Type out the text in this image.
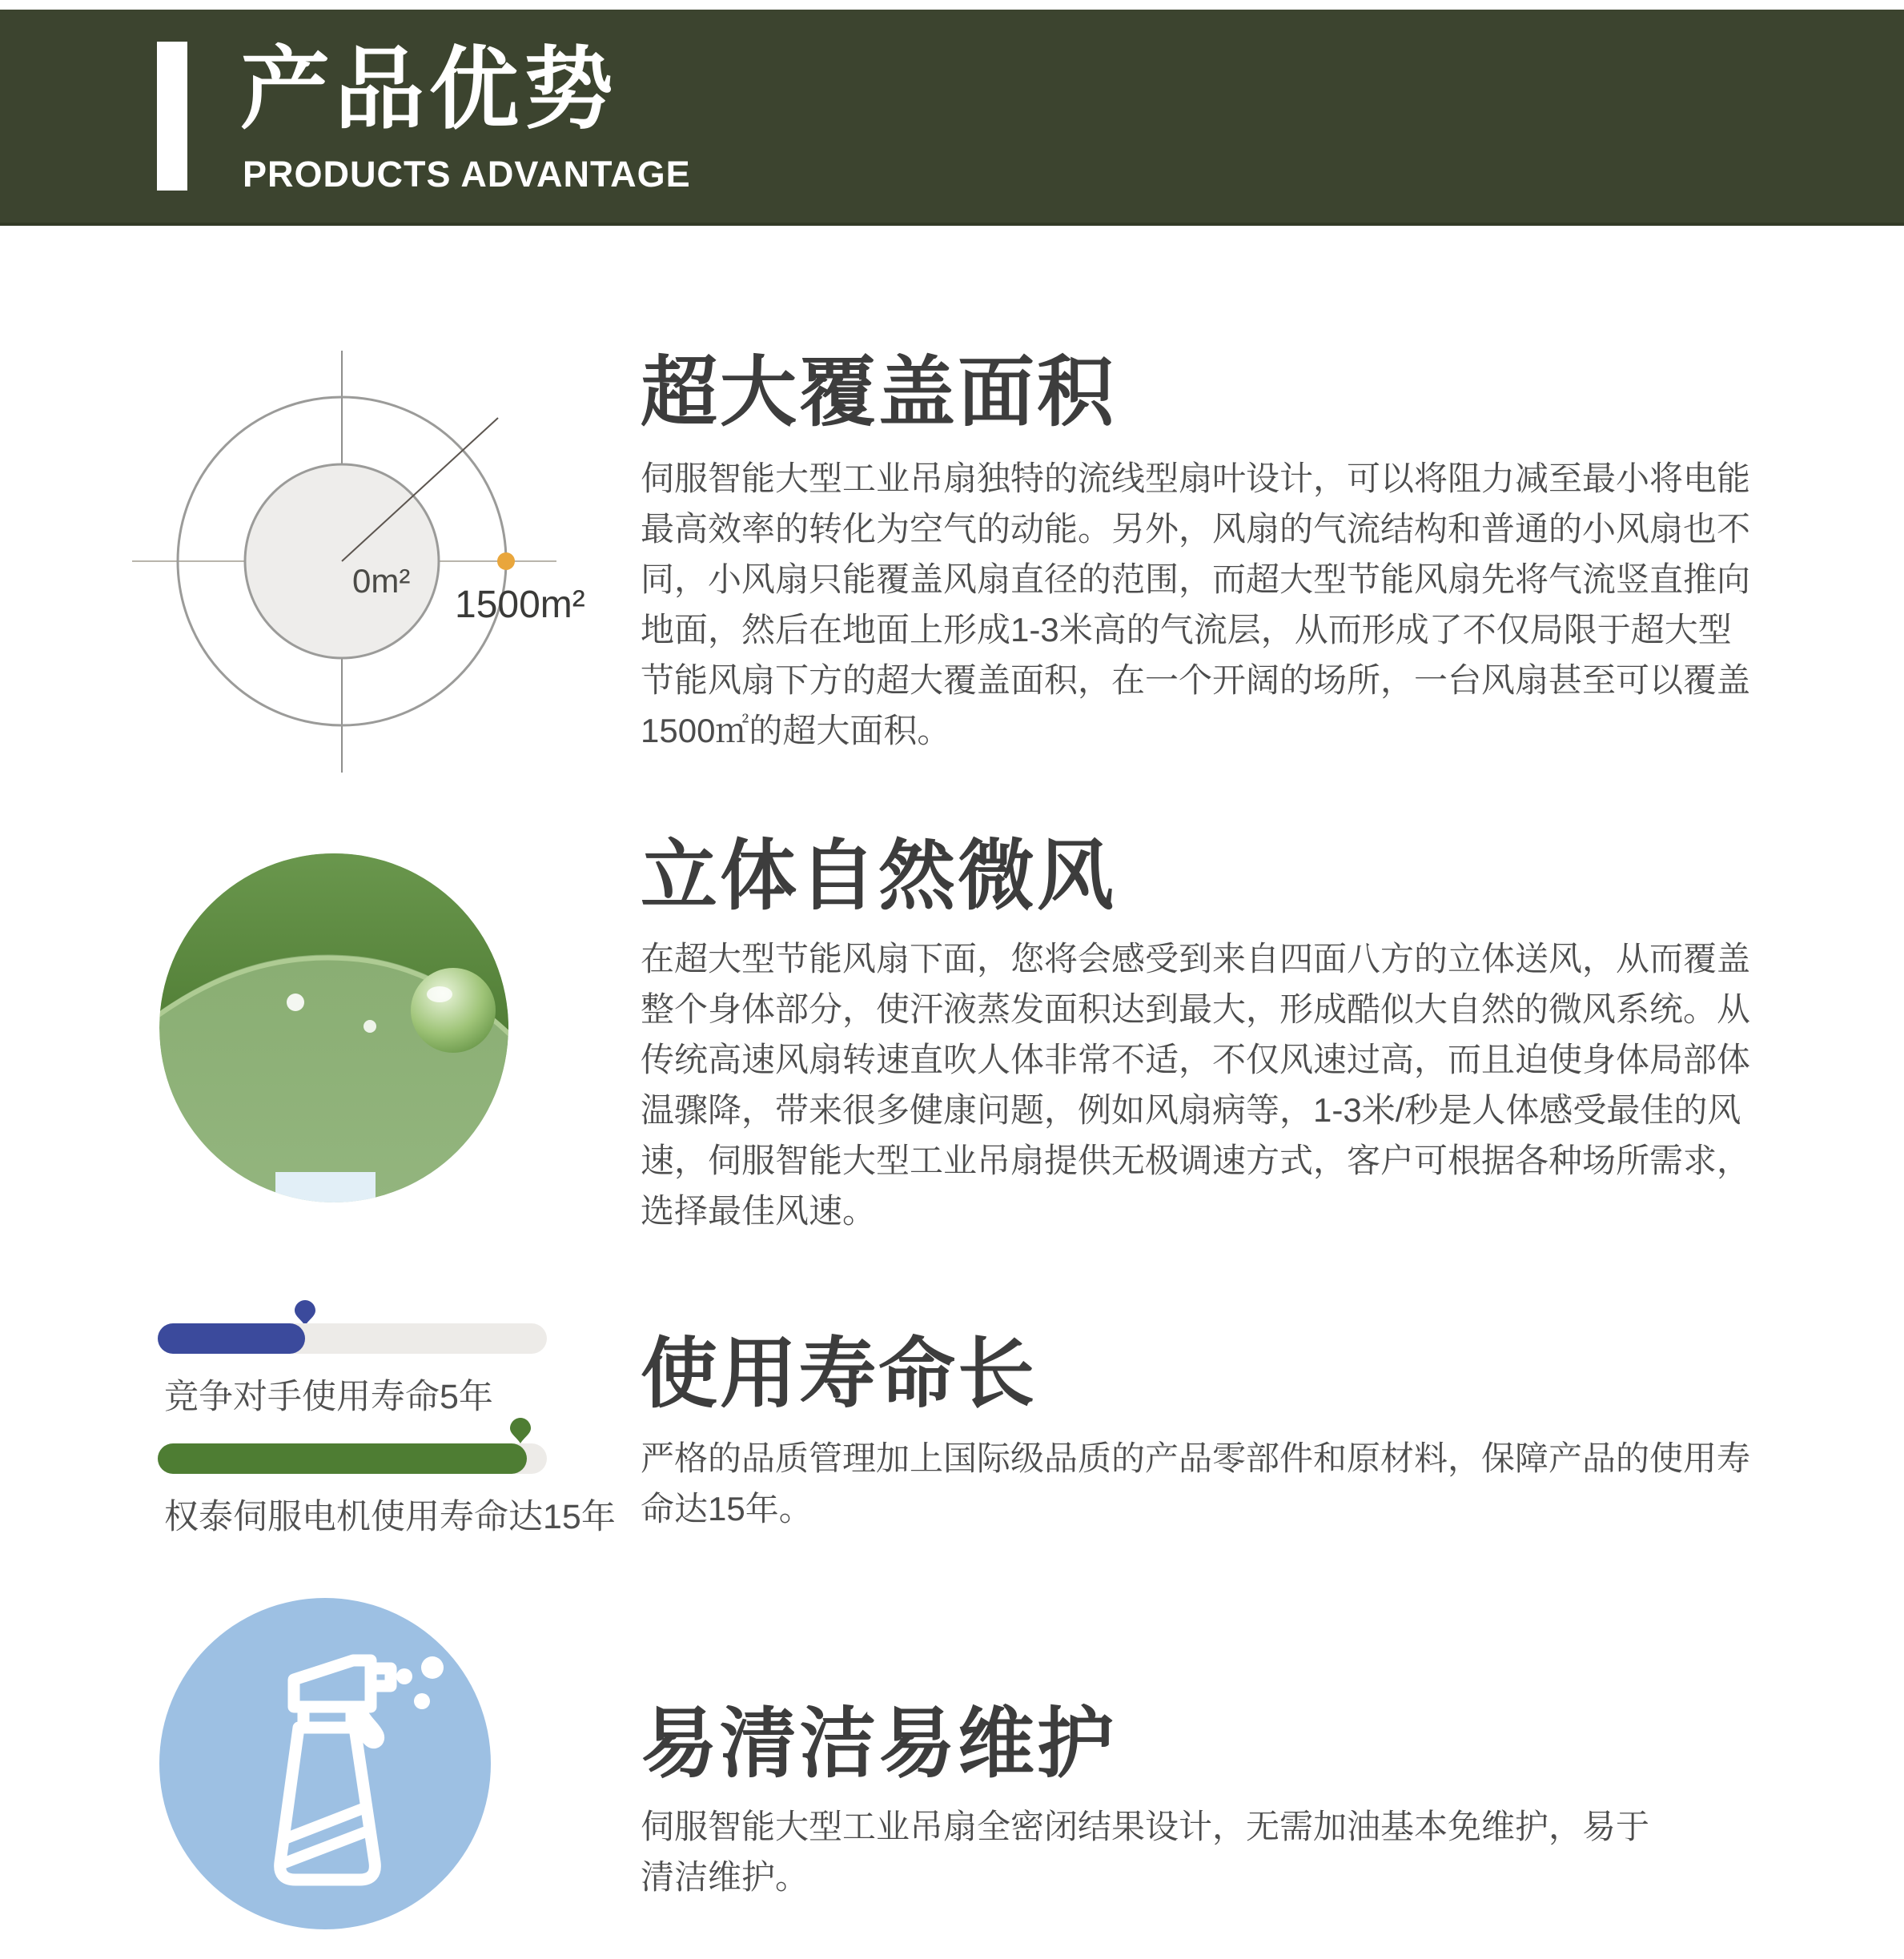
产品优势
PRODUCTS ADVANTAGE
0m²
1500m²
超大覆盖面积
伺服智能大型工业吊扇独特的流线型扇叶设计，可以将阻力减至最小将电能
最高效率的转化为空气的动能。另外，风扇的气流结构和普通的小风扇也不
同，小风扇只能覆盖风扇直径的范围，而超大型节能风扇先将气流竖直推向
地面，然后在地面上形成1-3米高的气流层，从而形成了不仅局限于超大型
节能风扇下方的超大覆盖面积，在一个开阔的场所，一台风扇甚至可以覆盖
1500㎡的超大面积。
立体自然微风
在超大型节能风扇下面，您将会感受到来自四面八方的立体送风，从而覆盖
整个身体部分，使汗液蒸发面积达到最大，形成酷似大自然的微风系统。从
传统高速风扇转速直吹人体非常不适，不仅风速过高，而且迫使身体局部体
温骤降，带来很多健康问题，例如风扇病等，1-3米/秒是人体感受最佳的风
速，伺服智能大型工业吊扇提供无极调速方式，客户可根据各种场所需求，
选择最佳风速。
竞争对手使用寿命5年
权泰伺服电机使用寿命达15年
使用寿命长
严格的品质管理加上国际级品质的产品零部件和原材料，保障产品的使用寿
命达15年。
易清洁易维护
伺服智能大型工业吊扇全密闭结果设计，无需加油基本免维护，易于
清洁维护。
